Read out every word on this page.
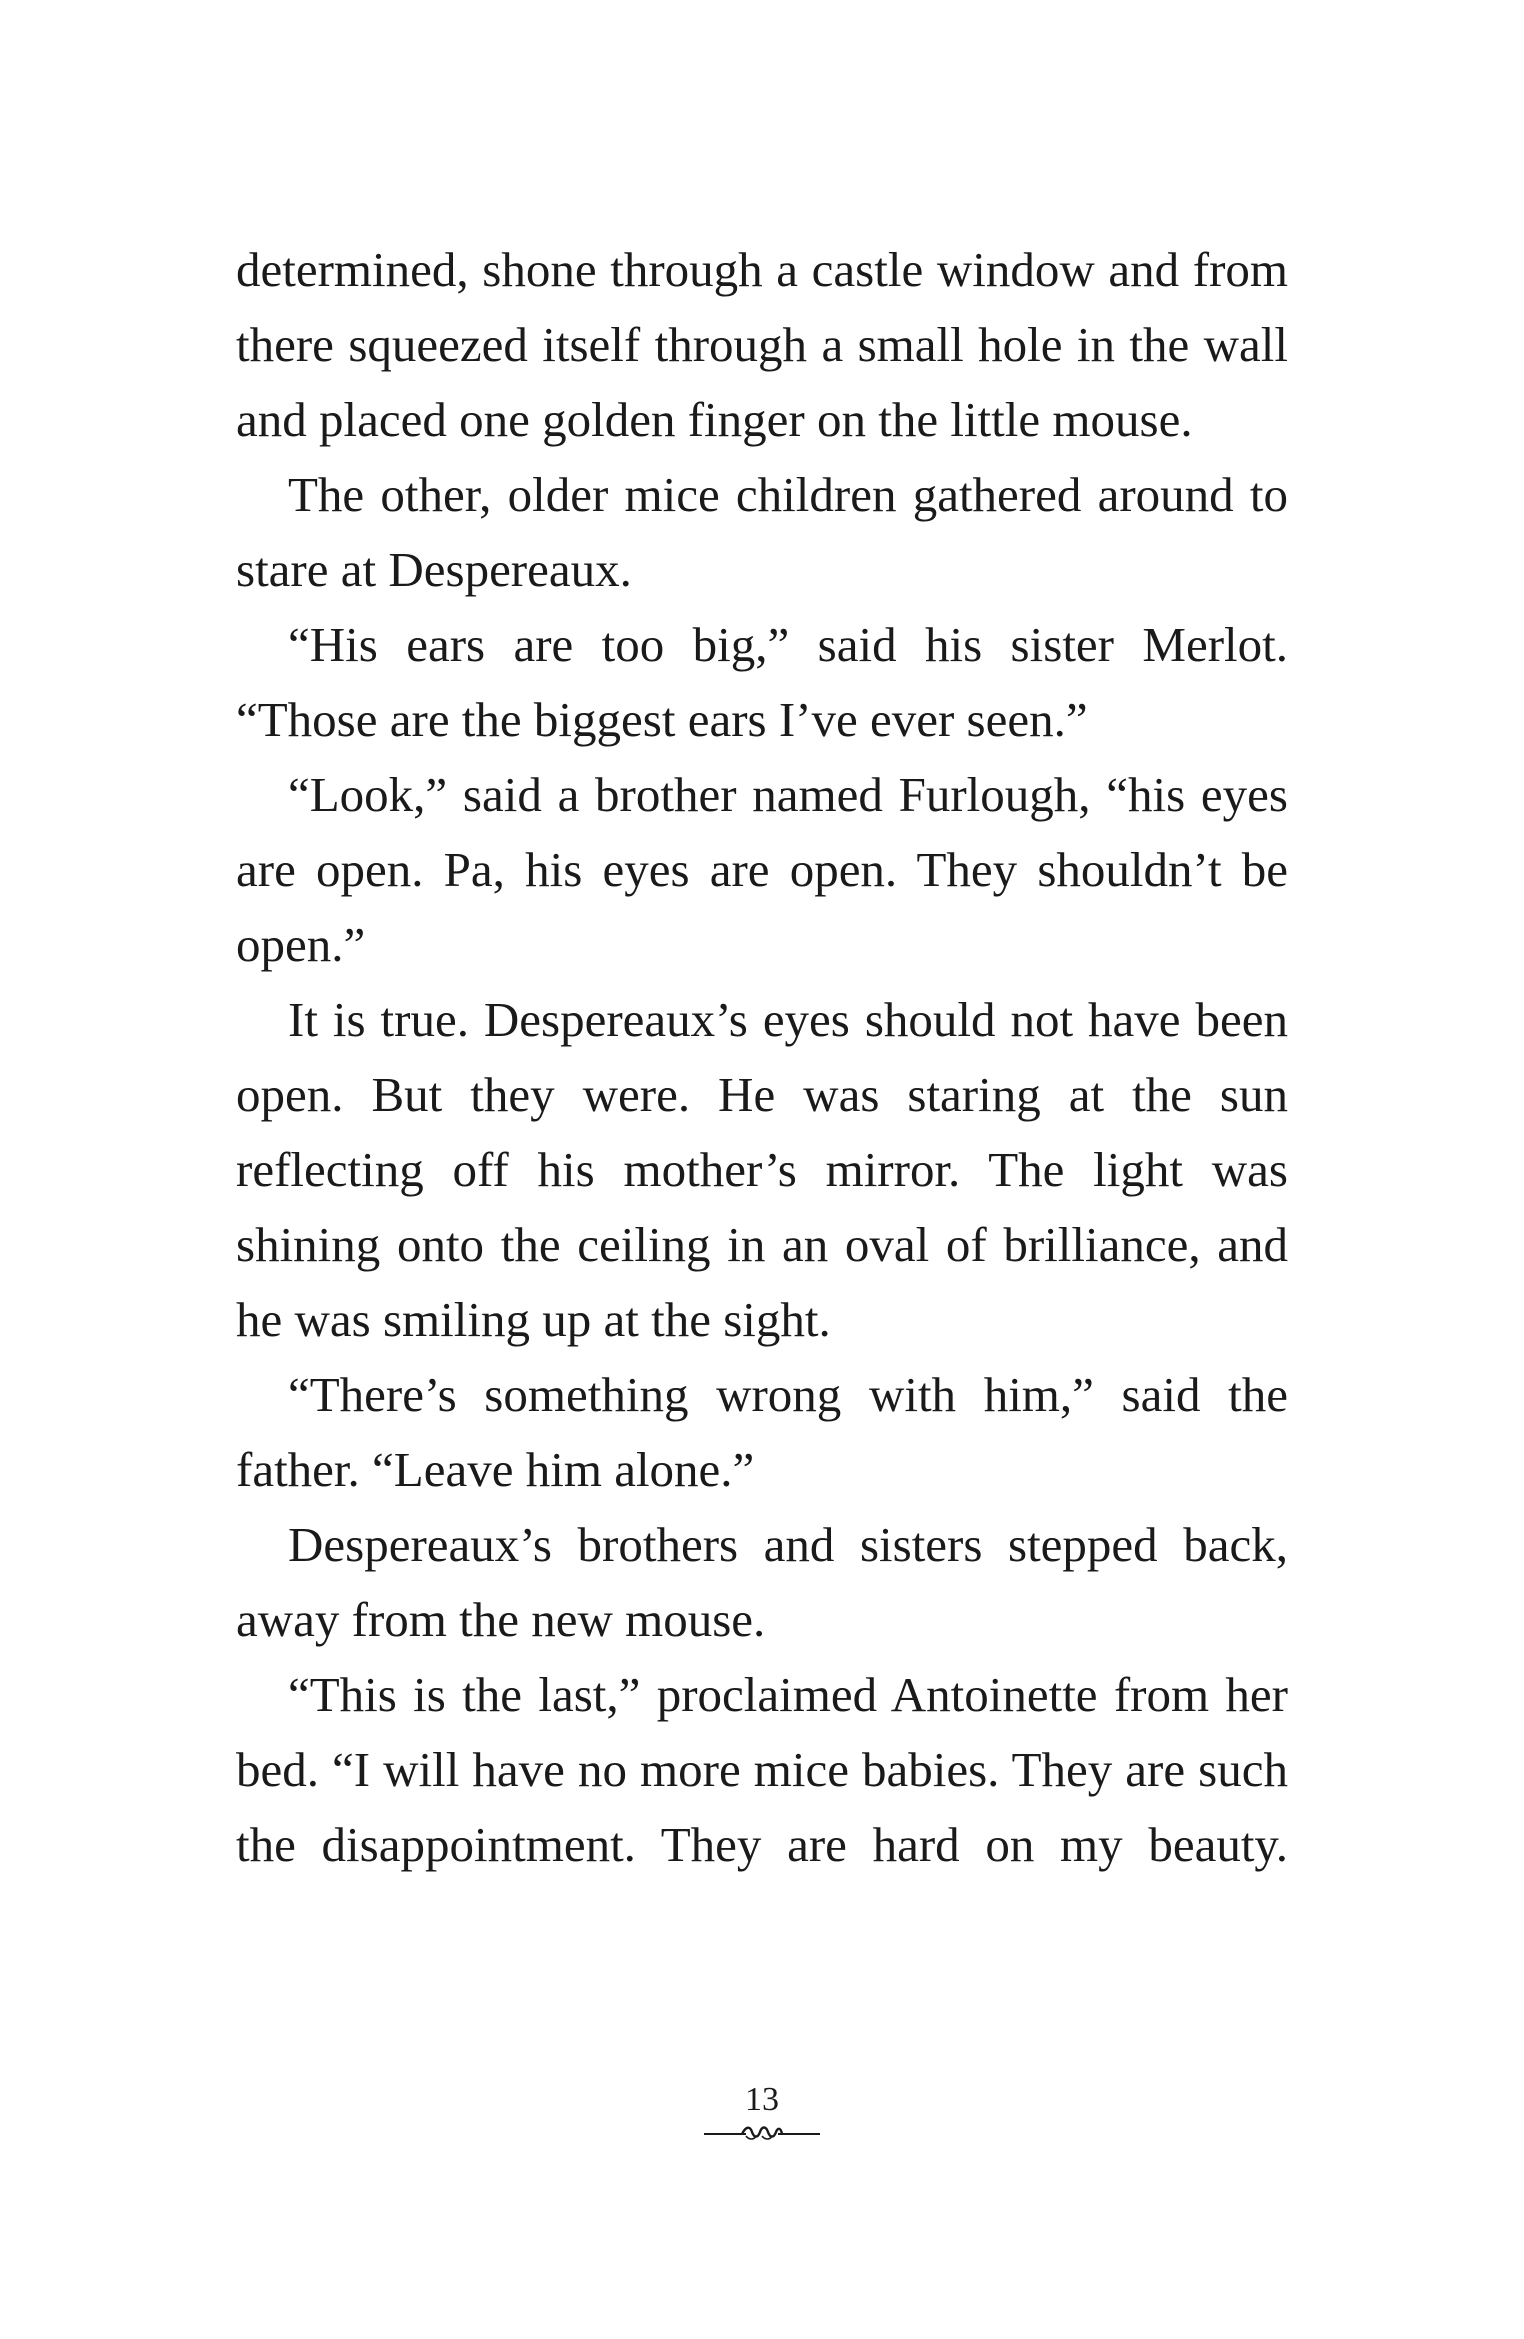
determined, shone through a castle window and from there squeezed itself through a small hole in the wall and placed one golden finger on the little mouse.

The other, older mice children gathered around to stare at Despereaux.

“His ears are too big,” said his sister Merlot. “Those are the biggest ears I’ve ever seen.”

“Look,” said a brother named Furlough, “his eyes are open. Pa, his eyes are open. They shouldn’t be open.”

It is true. Despereaux’s eyes should not have been open. But they were. He was staring at the sun reflecting off his mother’s mirror. The light was shining onto the ceiling in an oval of brilliance, and he was smiling up at the sight.

“There’s something wrong with him,” said the father. “Leave him alone.”

Despereaux’s brothers and sisters stepped back, away from the new mouse.

“This is the last,” proclaimed Antoinette from her bed. “I will have no more mice babies. They are such the disappointment. They are hard on my beauty.

13
